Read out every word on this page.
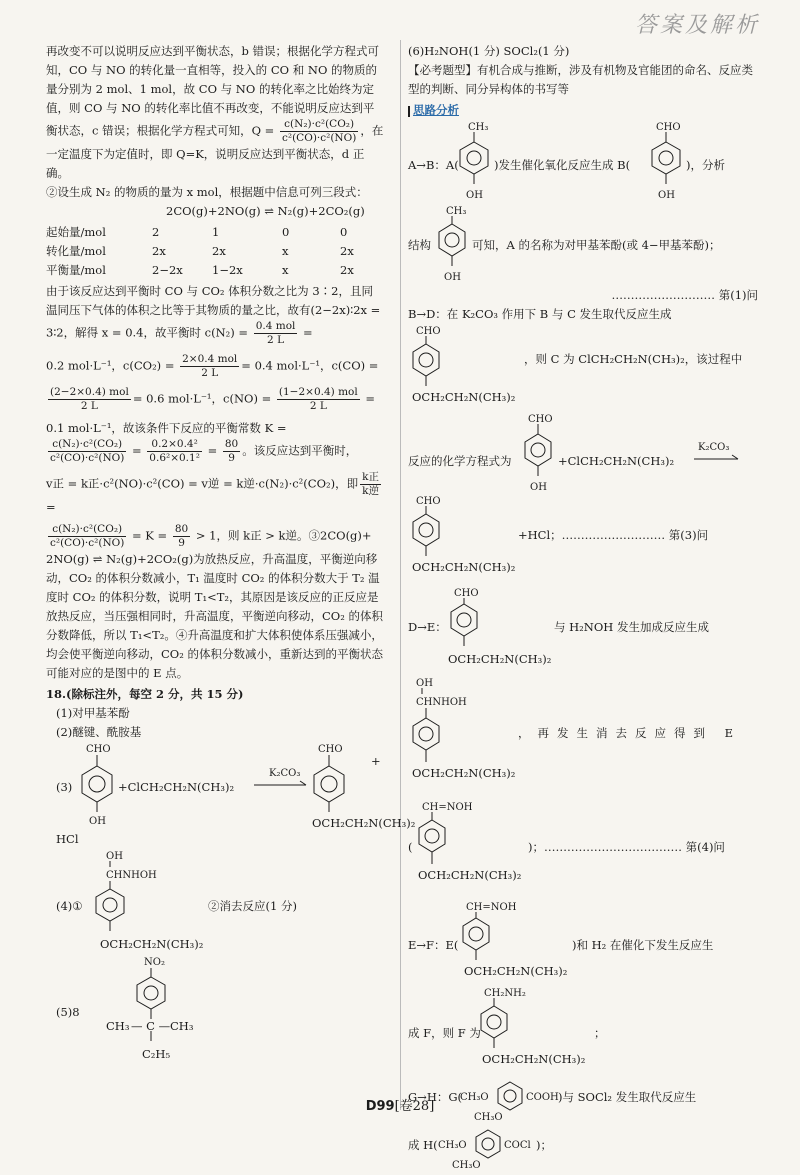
答案及解析

再改变不可以说明反应达到平衡状态，b 错误；根据化学方程式可知，CO 与 NO 的转化量一直相等，投入的 CO 和 NO 的物质的量分别为 2 mol、1 mol，故 CO 与 NO 的转化率之比始终为定值，则 CO 与 NO 的转化率比值不再改变，不能说明反应达到平衡状态，c 错误；根据化学方程式可知，$Q = \frac{\text{c(N₂)·c²(CO₂)}}{\text{c²(CO)·c²(NO)}}$ ，在一定温度下为定值时，即 Q=K，说明反应达到平衡状态，d 正确。

②设生成 N₂ 的物质的量为 x mol，根据题中信息可列三段式：

2CO(g)+2NO(g) ⇌ N₂(g)+2CO₂(g)

起始量/mol	2	1	0	0
转化量/mol	2x	2x	x	2x
平衡量/mol	2−2x	1−2x	x	2x

由于该反应达到平衡时 CO 与 CO₂ 体积分数之比为 3∶2，且同温同压下气体的体积之比等于其物质的量之比，故有(2−2x)∶2x = 3∶2，解得 x = 0.4，故平衡时 $c(N_2) = \frac{\text{0.4 mol}}{2 L}$ =

0.2 mol·L⁻¹，$c(CO_2) = \frac{\text{2×0.4 mol}}{2 L} = 0.4$ mol·L⁻¹，c(CO) =

$\frac{\text{(2−2×0.4) mol}}{2 L} = 0.6$ mol·L⁻¹，$c(NO) = \frac{\text{(1−2×0.4) mol}}{2 L}$ =

0.1 mol·L⁻¹，故该条件下反应的平衡常数 K =

$\frac{\text{c(N₂)·c²(CO₂)}}{\text{c²(CO)·c²(NO)}} = \frac{\text{0.2×0.4²}}{\text{0.6²×0.1²}} = \frac{80}{9}$ 。该反应达到平衡时，

v正 = k正·c²(NO)·c²(CO) = v逆 = k逆·c(N₂)·c²(CO₂)，即 $\frac{\text{k正}}{\text{k逆}}$
=

$\frac{\text{c(N₂)·c²(CO₂)}}{\text{c²(CO)·c²(NO)}} = K = \frac{80}{9} > 1$，则 k正 > k逆。③2CO(g)+

2NO(g) ⇌ N₂(g)+2CO₂(g)为放热反应，升高温度，平衡逆向移动，CO₂ 的体积分数减小，T₁ 温度时 CO₂ 的体积分数大于 T₂ 温度时 CO₂ 的体积分数，说明 T₁<T₂，其原因是该反应的正反应是放热反应，当压强相同时，升高温度，平衡逆向移动，CO₂ 的体积分数降低，所以 T₁<T₂。④升高温度和扩大体积使体系压强减小，均会使平衡逆向移动，CO₂ 的体积分数减小，重新达到的平衡状态可能对应的是图中的 E 点。

18.(除标注外，每空 2 分，共 15 分)

(1)对甲基苯酚

(2)醚键、酰胺基

(3)
CHO
OH
+ClCH₂CH₂N(CH₃)₂
K₂CO₃
CHO
OCH₂CH₂N(CH₃)₂
+

HCl

OH
CHNHOH
(4)①	②消去反应(1 分)
OCH₂CH₂N(CH₃)₂
(5)8
NO₂
CH₃ — C — CH₃
C₂H₅

(6)H₂NOH(1 分) SOCl₂(1 分)

【必考题型】有机合成与推断，涉及有机物及官能团的命名、反应类型的判断、同分异构体的书写等

思路分析

A→B：A(
CH₃
OH
)发生催化氧化反应生成 B(
CHO
OH
)，分析
结构
CH₃
OH
可知，A 的名称为对甲基苯酚(或 4−甲基苯酚)；

……………………… 第(1)问

B→D：在 K₂CO₃ 作用下 B 与 C 发生取代反应生成

CHO
OCH₂CH₂N(CH₃)₂
，则 C 为 ClCH₂CH₂N(CH₃)₂，该过程中
反应的化学方程式为
CHO
OH
+ClCH₂CH₂N(CH₃)₂
K₂CO₃
CHO
OCH₂CH₂N(CH₃)₂
+HCl；……………………… 第(3)问
D→E：
CHO
OCH₂CH₂N(CH₃)₂
与 H₂NOH 发生加成反应生成
OH
CHNHOH
OCH₂CH₂N(CH₃)₂
，再发生消去反应得到 E
(
CH=NOH
OCH₂CH₂N(CH₃)₂
)；……………………………… 第(4)问
E→F：E(
CH=NOH
OCH₂CH₂N(CH₃)₂
)和 H₂ 在催化下发生反应生
成 F，则 F 为
CH₂NH₂
OCH₂CH₂N(CH₃)₂
；
G→H：G(
CH₃O	COOH
CH₃O
)与 SOCl₂ 发生取代反应生
成 H( CH₃O	COCl
CH₃O
)；
D99[卷28]
